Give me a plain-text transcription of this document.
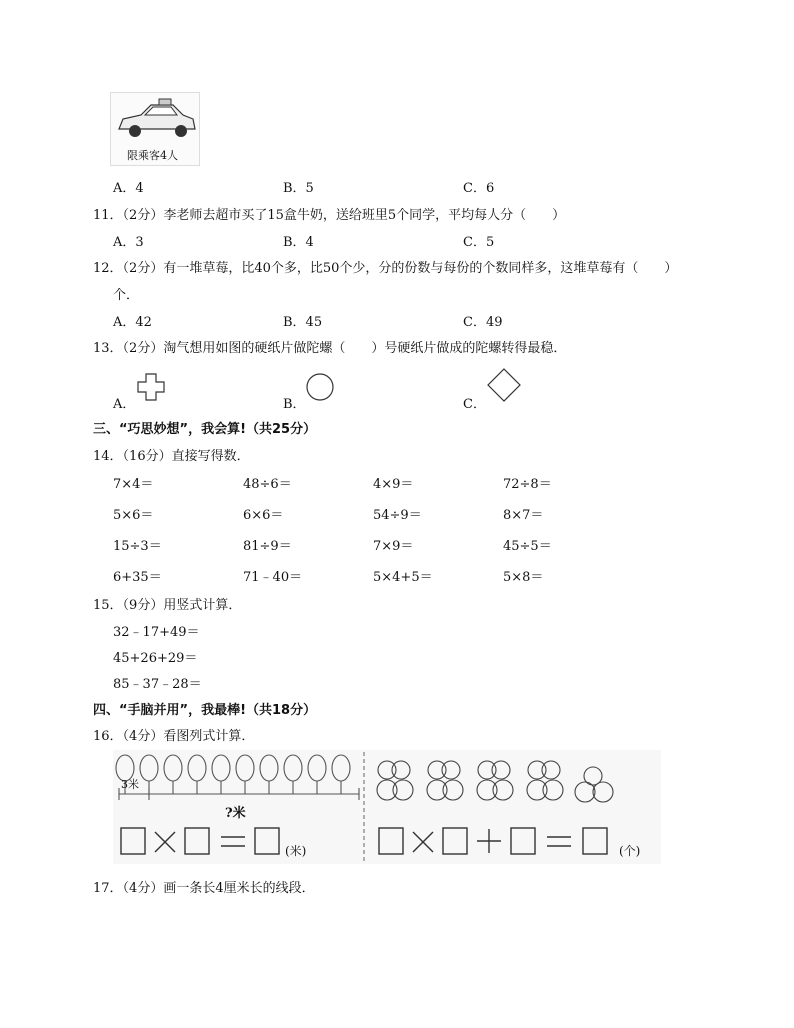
限乘客4人
A．4	B．5	C．6
11．（2分）李老师去超市买了15盒牛奶，送给班里5个同学，平均每人分（　　）
A．3	B．4	C．5
12．（2分）有一堆草莓，比40个多，比50个少，分的份数与每份的个数同样多，这堆草莓有（　　）
个．
A．42	B．45	C．49
13．（2分）淘气想用如图的硬纸片做陀螺（　　）号硬纸片做成的陀螺转得最稳．
A．	B．	C．
三、“巧思妙想”，我会算!（共25分）
14．（16分）直接写得数．
7×4＝	48÷6＝	4×9＝	72÷8＝
5×6＝	6×6＝	54÷9＝	8×7＝
15÷3＝	81÷9＝	7×9＝	45÷5＝
6+35＝	71﹣40＝	5×4+5＝	5×8＝
15．（9分）用竖式计算．
32﹣17+49＝
45+26+29＝
85﹣37﹣28＝
四、“手脑并用”，我最棒!（共18分）
16．（4分）看图列式计算．
3米
?米
(米)	(个)
17．（4分）画一条长4厘米长的线段．
